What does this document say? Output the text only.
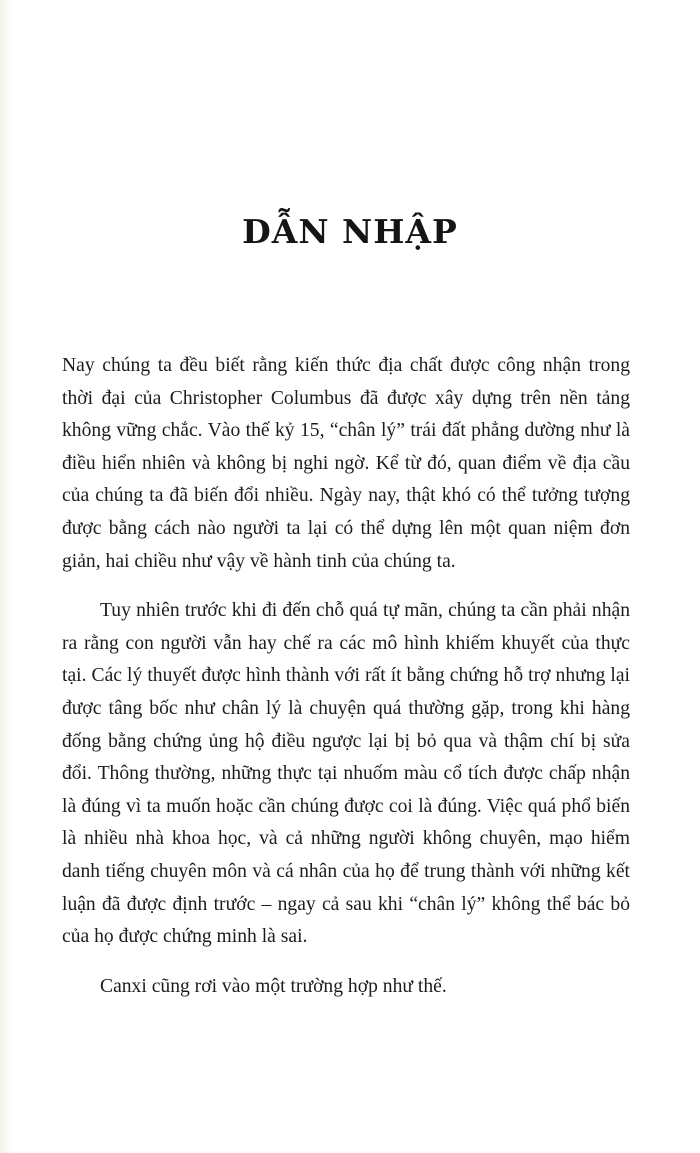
DẪN NHẬP

Nay chúng ta đều biết rằng kiến thức địa chất được công nhận trong thời đại của Christopher Columbus đã được xây dựng trên nền tảng không vững chắc. Vào thế kỷ 15, “chân lý” trái đất phẳng dường như là điều hiển nhiên và không bị nghi ngờ. Kể từ đó, quan điểm về địa cầu của chúng ta đã biến đổi nhiều. Ngày nay, thật khó có thể tưởng tượng được bằng cách nào người ta lại có thể dựng lên một quan niệm đơn giản, hai chiều như vậy về hành tinh của chúng ta.

Tuy nhiên trước khi đi đến chỗ quá tự mãn, chúng ta cần phải nhận ra rằng con người vẫn hay chế ra các mô hình khiếm khuyết của thực tại. Các lý thuyết được hình thành với rất ít bằng chứng hỗ trợ nhưng lại được tâng bốc như chân lý là chuyện quá thường gặp, trong khi hàng đống bằng chứng ủng hộ điều ngược lại bị bỏ qua và thậm chí bị sửa đổi. Thông thường, những thực tại nhuốm màu cổ tích được chấp nhận là đúng vì ta muốn hoặc cần chúng được coi là đúng. Việc quá phổ biến là nhiều nhà khoa học, và cả những người không chuyên, mạo hiểm danh tiếng chuyên môn và cá nhân của họ để trung thành với những kết luận đã được định trước – ngay cả sau khi “chân lý” không thể bác bỏ của họ được chứng minh là sai.

Canxi cũng rơi vào một trường hợp như thế.
